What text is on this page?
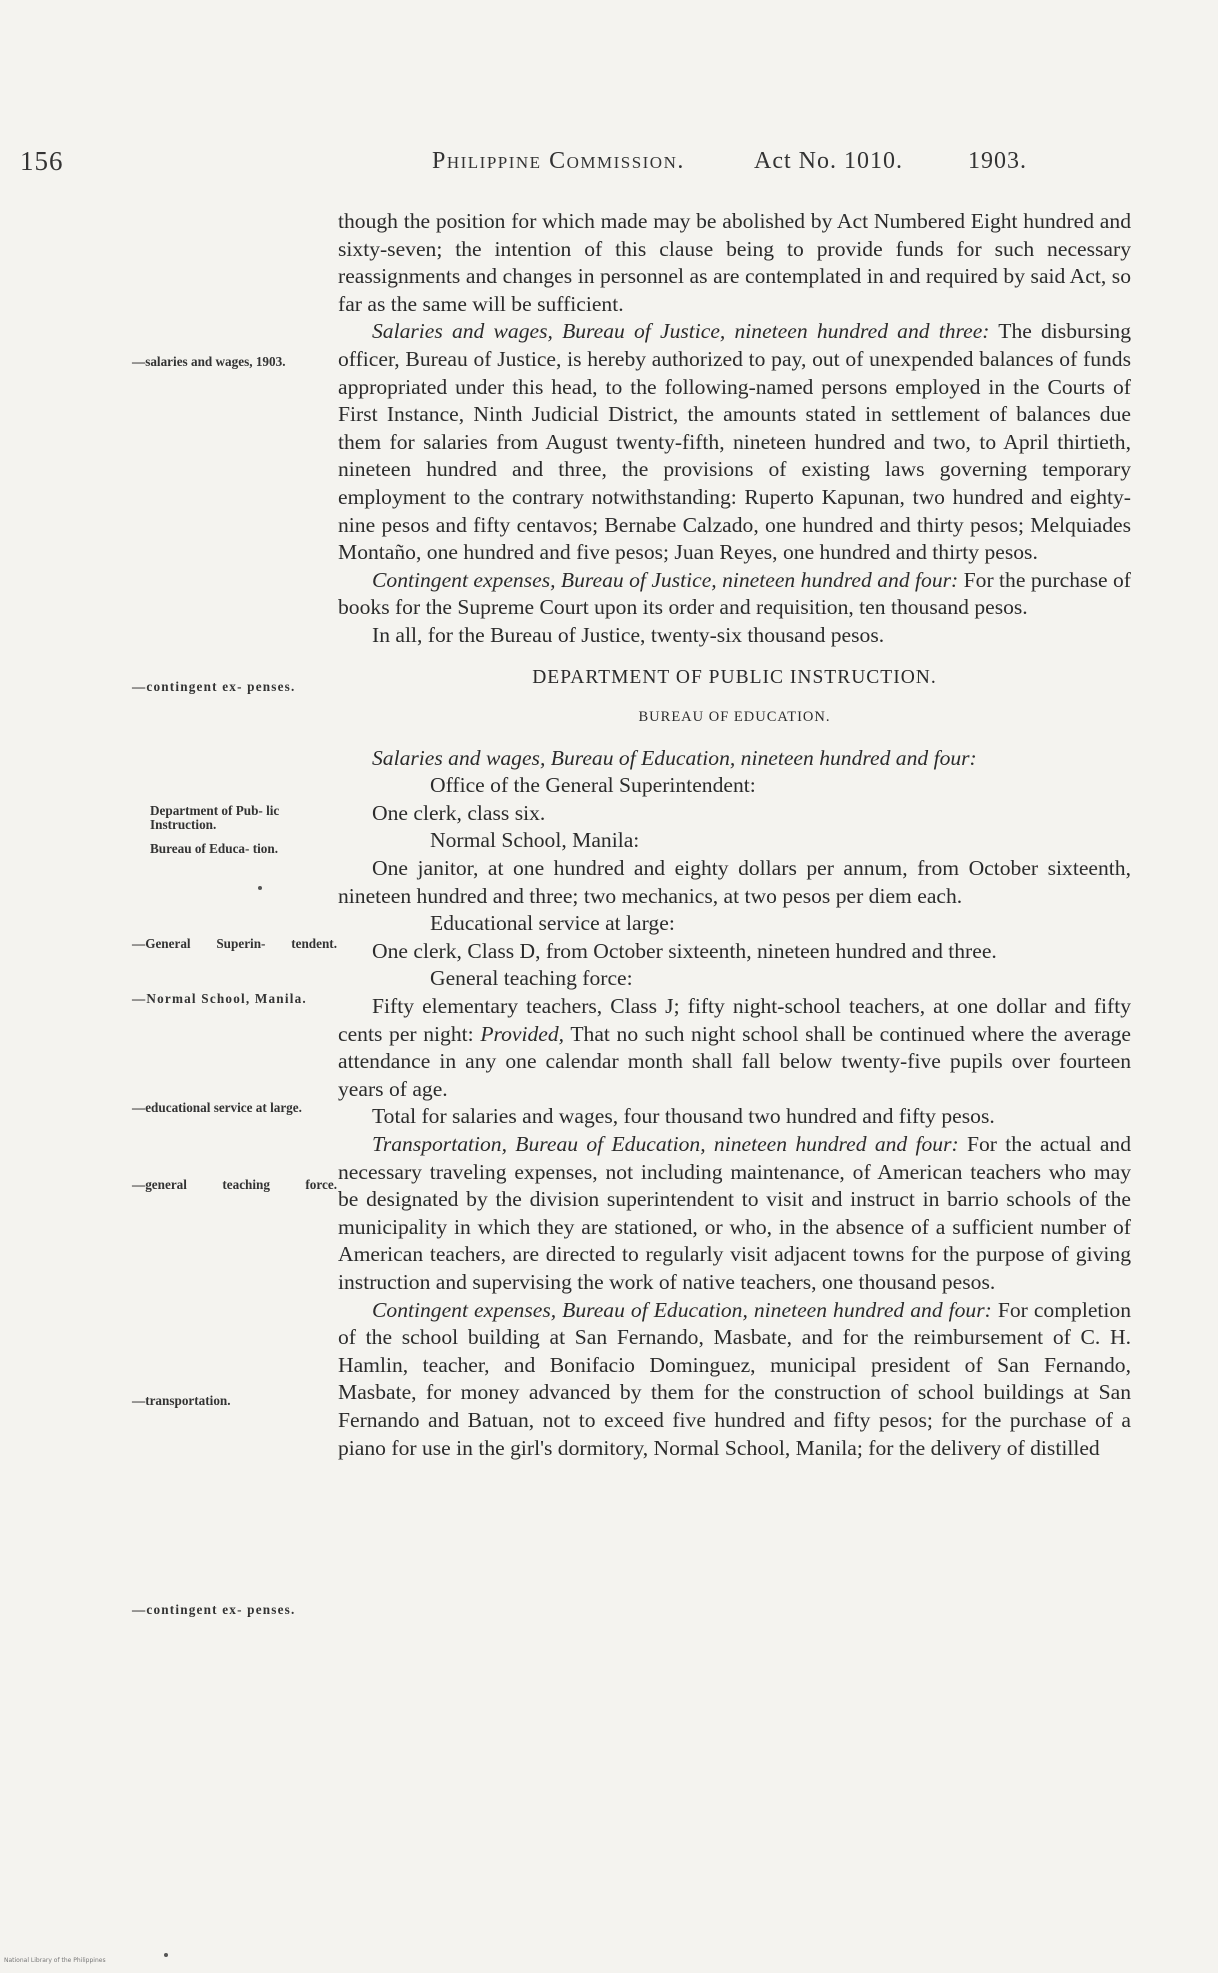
156	Philippine Commission.	Act No. 1010.	1903.
—salaries and wages, 1903.
—contingent ex- penses.
Department of Pub- lic Instruction.
Bureau of Educa- tion.
—General Superin- tendent.
—Normal School, Manila.
—educational service at large.
—general teaching force.
—transportation.
—contingent ex- penses.

though the position for which made may be abolished by Act Numbered Eight hundred and sixty-seven; the intention of this clause being to provide funds for such necessary reassignments and changes in personnel as are contemplated in and required by said Act, so far as the same will be sufficient.

Salaries and wages, Bureau of Justice, nineteen hundred and three: The disbursing officer, Bureau of Justice, is hereby authorized to pay, out of unexpended balances of funds appropriated under this head, to the following-named persons employed in the Courts of First Instance, Ninth Judicial District, the amounts stated in settlement of balances due them for salaries from August twenty-fifth, nineteen hundred and two, to April thirtieth, nineteen hundred and three, the provisions of existing laws governing temporary employment to the contrary notwithstanding: Ruperto Kapunan, two hundred and eighty-nine pesos and fifty centavos; Bernabe Calzado, one hundred and thirty pesos; Melquiades Montaño, one hundred and five pesos; Juan Reyes, one hundred and thirty pesos.

Contingent expenses, Bureau of Justice, nineteen hundred and four: For the purchase of books for the Supreme Court upon its order and requisition, ten thousand pesos.

In all, for the Bureau of Justice, twenty-six thousand pesos.

DEPARTMENT OF PUBLIC INSTRUCTION.

BUREAU OF EDUCATION.

Salaries and wages, Bureau of Education, nineteen hundred and four:

Office of the General Superintendent:

One clerk, class six.

Normal School, Manila:

One janitor, at one hundred and eighty dollars per annum, from October sixteenth, nineteen hundred and three; two mechanics, at two pesos per diem each.

Educational service at large:

One clerk, Class D, from October sixteenth, nineteen hundred and three.

General teaching force:

Fifty elementary teachers, Class J; fifty night-school teachers, at one dollar and fifty cents per night: Provided, That no such night school shall be continued where the average attendance in any one calendar month shall fall below twenty-five pupils over fourteen years of age.

Total for salaries and wages, four thousand two hundred and fifty pesos.

Transportation, Bureau of Education, nineteen hundred and four: For the actual and necessary traveling expenses, not including maintenance, of American teachers who may be designated by the division superintendent to visit and instruct in barrio schools of the municipality in which they are stationed, or who, in the absence of a sufficient number of American teachers, are directed to regularly visit adjacent towns for the purpose of giving instruction and supervising the work of native teachers, one thousand pesos.

Contingent expenses, Bureau of Education, nineteen hundred and four: For completion of the school building at San Fernando, Masbate, and for the reimbursement of C. H. Hamlin, teacher, and Bonifacio Dominguez, municipal president of San Fernando, Masbate, for money advanced by them for the construction of school buildings at San Fernando and Batuan, not to exceed five hundred and fifty pesos; for the purchase of a piano for use in the girl's dormitory, Normal School, Manila; for the delivery of distilled

National Library of the Philippines
